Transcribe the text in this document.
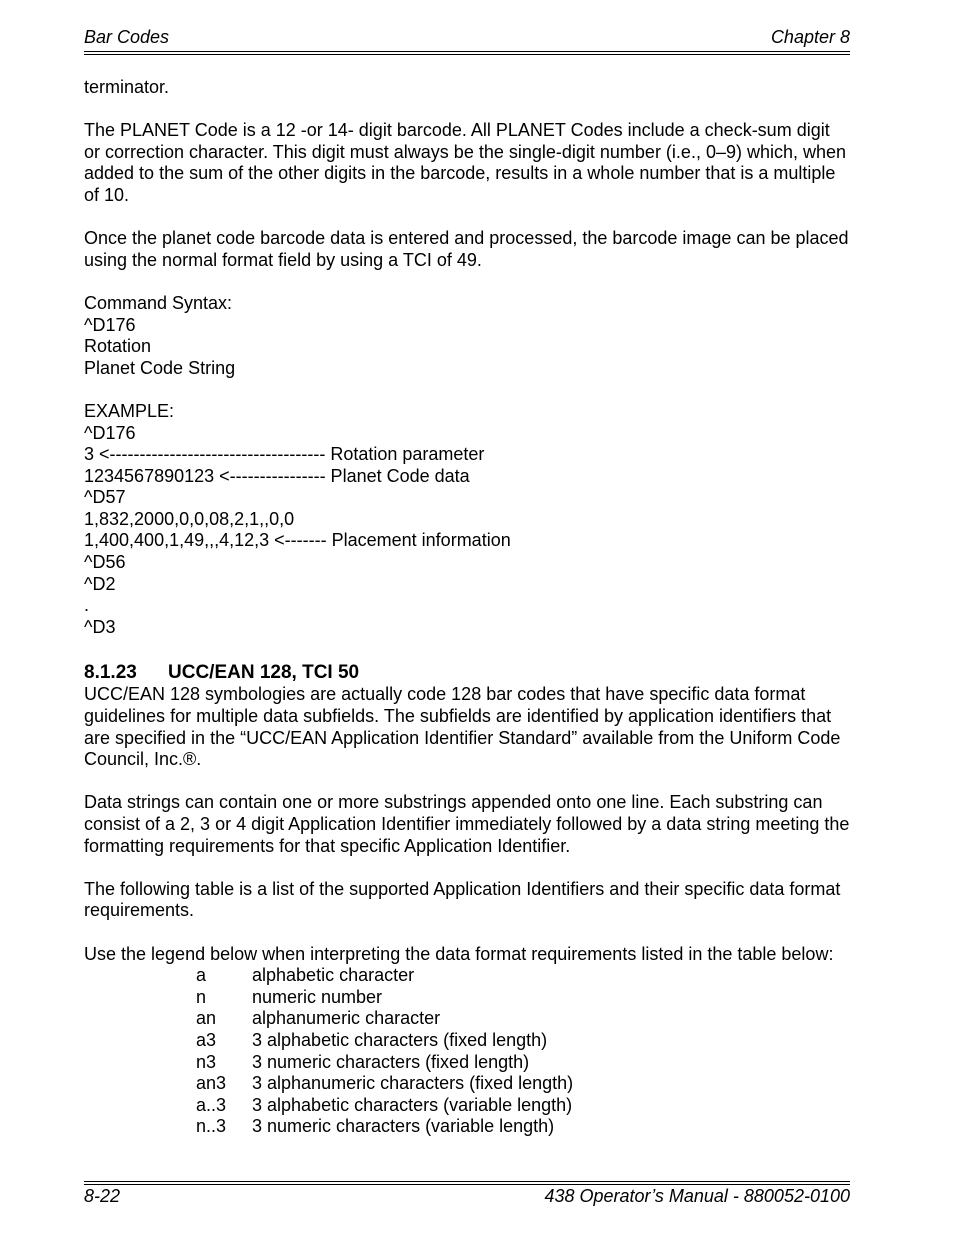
Bar Codes	Chapter 8

terminator.

The PLANET Code is a 12 -or 14- digit barcode. All PLANET Codes include a check-sum digit or correction character. This digit must always be the single-digit number (i.e., 0–9) which, when added to the sum of the other digits in the barcode, results in a whole number that is a multiple of 10.

Once the planet code barcode data is entered and processed, the barcode image can be placed using the normal format field by using a TCI of 49.

Command Syntax:
^D176
Rotation
Planet Code String

EXAMPLE:
^D176
3 <------------------------------------ Rotation parameter
1234567890123 <---------------- Planet Code data
^D57
1,832,2000,0,0,08,2,1,,0,0
1,400,400,1,49,,,4,12,3 <------- Placement information
^D56
^D2
.
^D3
8.1.23 UCC/EAN 128, TCI 50

UCC/EAN 128 symbologies are actually code 128 bar codes that have specific data format guidelines for multiple data subfields. The subfields are identified by application identifiers that are specified in the “UCC/EAN Application Identifier Standard” available from the Uniform Code Council, Inc.®.

Data strings can contain one or more substrings appended onto one line. Each substring can consist of a 2, 3 or 4 digit Application Identifier immediately followed by a data string meeting the formatting requirements for that specific Application Identifier.

The following table is a list of the supported Application Identifiers and their specific data format requirements.

Use the legend below when interpreting the data format requirements listed in the table below:

a	alphabetic character
n	numeric number
an	alphanumeric character
a3	3 alphabetic characters (fixed length)
n3	3 numeric characters (fixed length)
an3	3 alphanumeric characters (fixed length)
a..3	3 alphabetic characters (variable length)
n..3	3 numeric characters (variable length)
8-22	438 Operator’s Manual - 880052-0100
